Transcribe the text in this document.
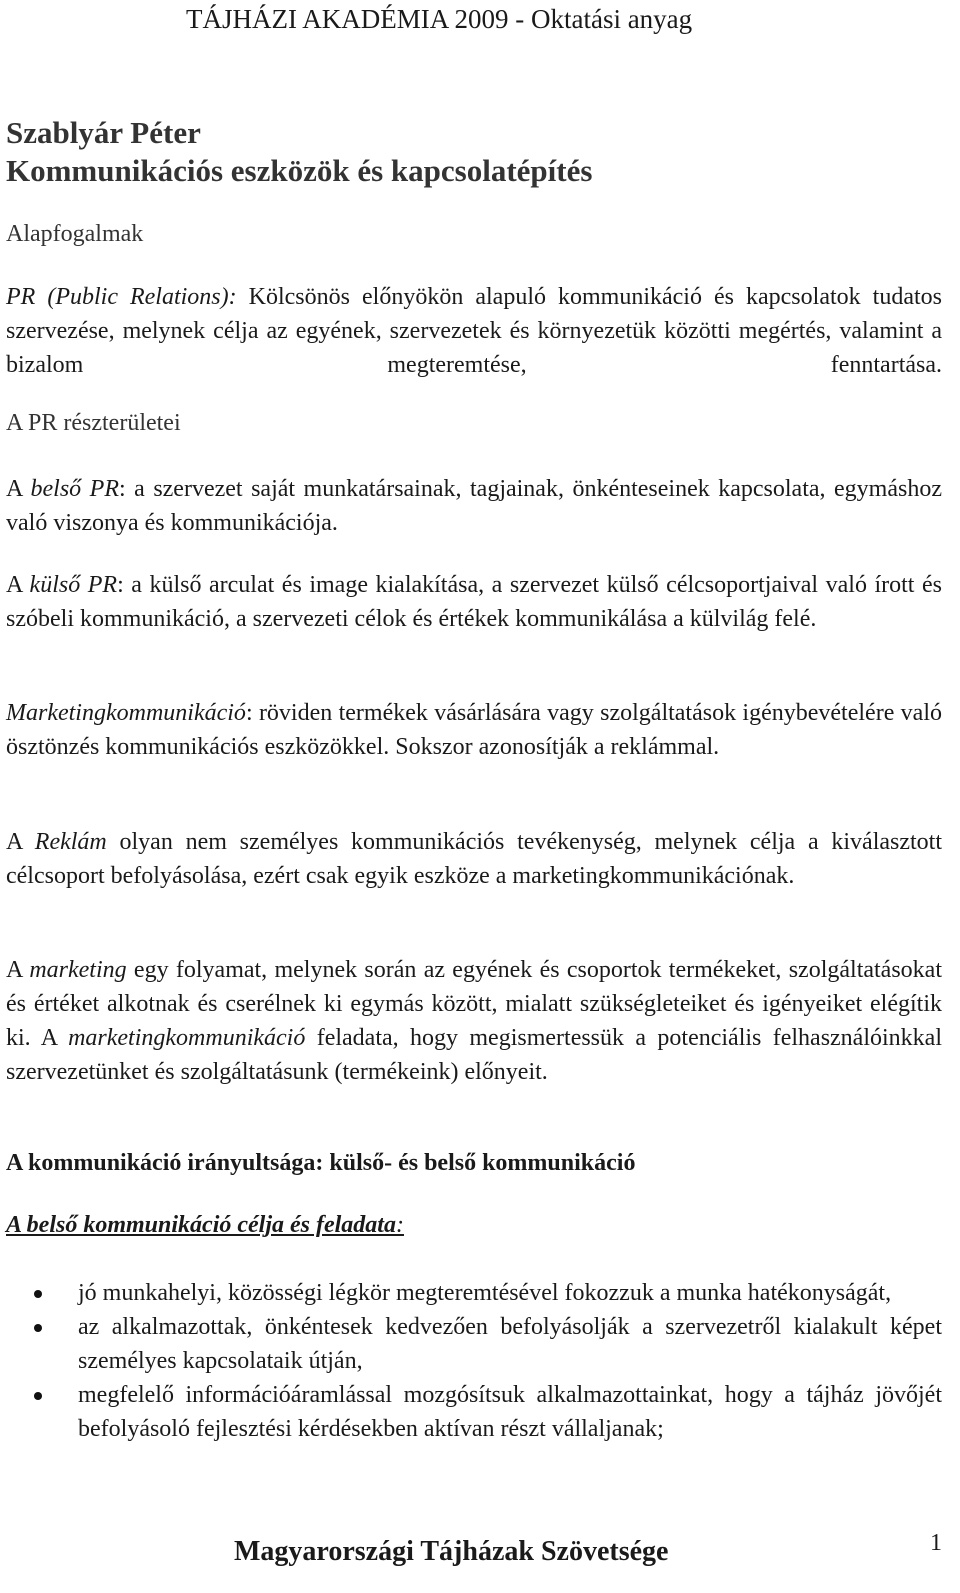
TÁJHÁZI AKADÉMIA 2009 - Oktatási anyag
Szablyár Péter
Kommunikációs eszközök és kapcsolatépítés
Alapfogalmak
PR (Public Relations): Kölcsönös előnyökön alapuló kommunikáció és kapcsolatok tudatos szervezése, melynek célja az egyének, szervezetek és környezetük közötti megértés, valamint a bizalom megteremtése, fenntartása.
A PR részterületei
A belső PR: a szervezet saját munkatársainak, tagjainak, önkénteseinek kapcsolata, egymáshoz való viszonya és kommunikációja.
A külső PR: a külső arculat és image kialakítása, a szervezet külső célcsoportjaival való írott és szóbeli kommunikáció, a szervezeti célok és értékek kommunikálása a külvilág felé.
Marketingkommunikáció: röviden termékek vásárlására vagy szolgáltatások igénybevételére való ösztönzés kommunikációs eszközökkel. Sokszor azonosítják a reklámmal.
A Reklám olyan nem személyes kommunikációs tevékenység, melynek célja a kiválasztott célcsoport befolyásolása, ezért csak egyik eszköze a marketingkommunikációnak.
A marketing egy folyamat, melynek során az egyének és csoportok termékeket, szolgáltatásokat és értéket alkotnak és cserélnek ki egymás között, mialatt szükségleteiket és igényeiket elégítik ki. A marketingkommunikáció feladata, hogy megismertessük a potenciális felhasználóinkkal szervezetünket és szolgáltatásunk (termékeink) előnyeit.
A kommunikáció irányultsága: külső- és belső kommunikáció
A belső kommunikáció célja és feladata:
jó munkahelyi, közösségi légkör megteremtésével fokozzuk a munka hatékonyságát,
az alkalmazottak, önkéntesek kedvezően befolyásolják a szervezetről kialakult képet személyes kapcsolataik útján,
megfelelő információáramlással mozgósítsuk alkalmazottainkat, hogy a tájház jövőjét befolyásoló fejlesztési kérdésekben aktívan részt vállaljanak;
Magyarországi Tájházak Szövetsége	1
